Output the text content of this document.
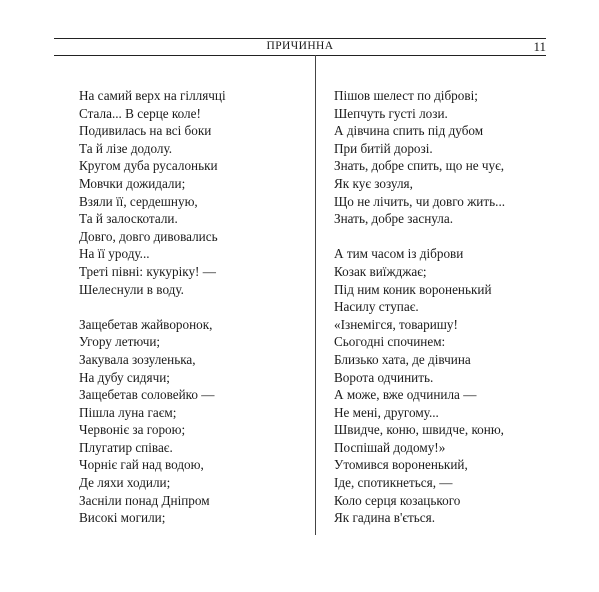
ПРИЧИННА	11
На самий верх на гіллячці
Стала... В серце коле!
Подивилась на всі боки
Та й лізе додолу.
Кругом дуба русалоньки
Мовчки дожидали;
Взяли її, сердешную,
Та й залоскотали.
Довго, довго дивовались
На її уроду...
Треті півні: кукуріку! —
Шелеснули в воду.
Защебетав жайворонок,
Угору летючи;
Закувала зозуленька,
На дубу сидячи;
Защебетав соловейко —
Пішла луна гаєм;
Червоніє за горою;
Плугатир співає.
Чорніє гай над водою,
Де ляхи ходили;
Заснiли понад Дніпром
Високі могили;
Пішов шелест по діброві;
Шепчуть густі лози.
А дівчина спить під дубом
При битій дорозі.
Знать, добре спить, що не чує,
Як кує зозуля,
Що не лічить, чи довго жить...
Знать, добре заснула.
А тим часом із діброви
Козак виїжджає;
Під ним коник вороненький
Насилу ступає.
«Ізнемігся, товаришу!
Сьогодні спочинем:
Близько хата, де дівчина
Ворота одчинить.
А може, вже одчинила —
Не мені, другому...
Швидче, коню, швидче, коню,
Поспішай додому!»
Утомився вороненький,
Іде, спотикнеться, —
Коло серця козацького
Як гадина в'ється.
